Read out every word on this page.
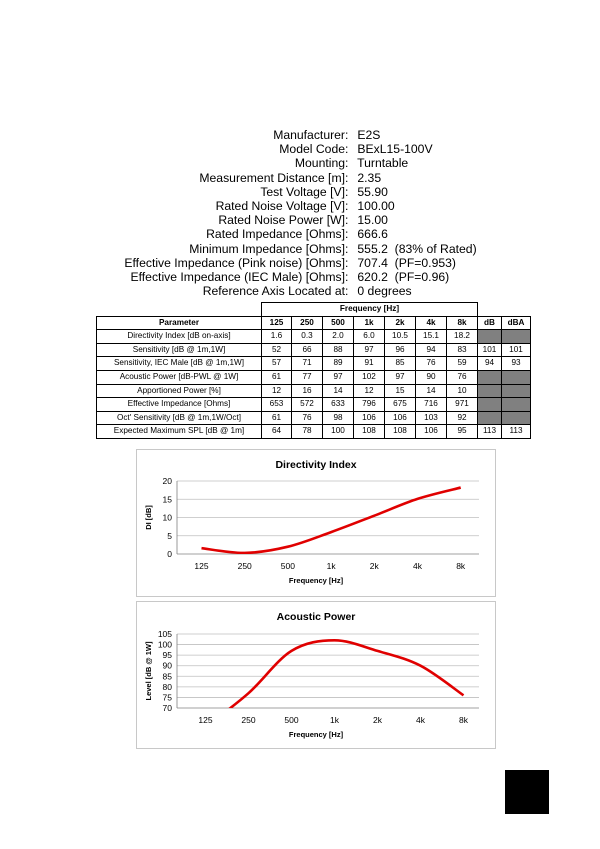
Manufacturer : E2S
Model Code : BExL15-100V
Mounting : Turntable
Measurement Distance [m] : 2.35
Test Voltage [V] : 55.90
Rated Noise Voltage [V] : 100.00
Rated Noise Power [W] : 15.00
Rated Impedance [Ohms] : 666.6
Minimum Impedance [Ohms] : 555.2  (83% of Rated)
Effective Impedance (Pink noise) [Ohms] : 707.4  (PF=0.953)
Effective Impedance (IEC Male) [Ohms] : 620.2  (PF=0.96)
Reference Axis Located at : 0 degrees
	Frequency [Hz]								
Parameter	125	250	500	1k	2k	4k	8k	dB	dBA
Directivity Index [dB on-axis]	1.6	0.3	2.0	6.0	10.5	15.1	18.2		
Sensitivity [dB @ 1m,1W]	52	66	88	97	96	94	83	101	101
Sensitivity, IEC Male [dB @ 1m,1W]	57	71	89	91	85	76	59	94	93
Acoustic Power [dB-PWL @ 1W]	61	77	97	102	97	90	76		
Apportioned Power [%]	12	16	14	12	15	14	10		
Effective Impedance [Ohms]	653	572	633	796	675	716	971		
Oct' Sensitivity [dB @ 1m,1W/Oct]	61	76	98	106	106	103	92		
Expected Maximum SPL [dB @ 1m]	64	78	100	108	108	106	95	113	113
Directivity Index
0
5
10
15
20
125	250	500	1k	2k	4k	8k
Frequency [Hz]
DI [dB]
Acoustic Power
70
75
80
85
90
95
100
105
125	250	500	1k	2k	4k	8k
Frequency [Hz]
Level [dB @ 1W]
